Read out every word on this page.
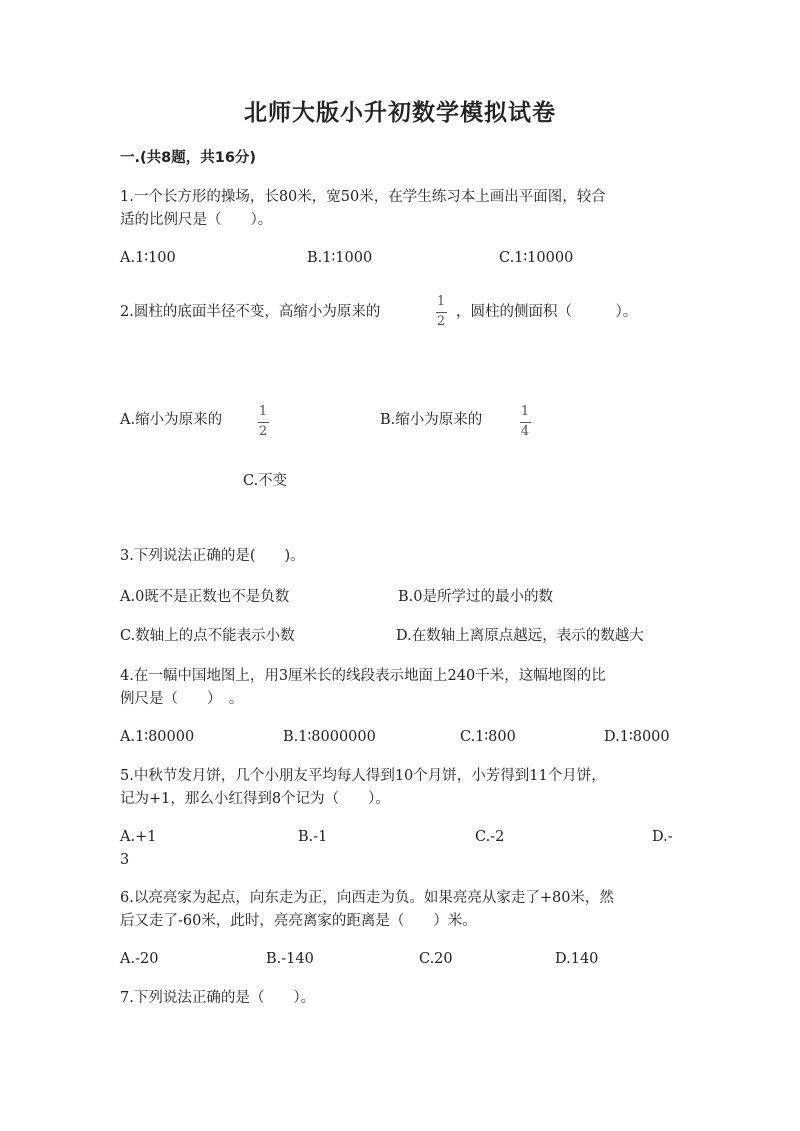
北师大版小升初数学模拟试卷
一.(共8题，共16分)
1.一个长方形的操场，长80米，宽50米，在学生练习本上画出平面图，较合
适的比例尺是（　　）。
A.1∶100	B.1∶1000	C.1∶10000
2.圆柱的底面半径不变，高缩小为原来的
1
2
，圆柱的侧面积（　　　）。
A.缩小为原来的
1
2
B.缩小为原来的
1
4
C.不变
3.下列说法正确的是(　　)。
A.0既不是正数也不是负数	B.0是所学过的最小的数
C.数轴上的点不能表示小数	D.在数轴上离原点越远，表示的数越大
4.在一幅中国地图上，用3厘米长的线段表示地面上240千米，这幅地图的比
例尺是（　　）　。
A.1∶80000	B.1∶8000000	C.1∶800	D.1∶8000
5.中秋节发月饼，几个小朋友平均每人得到10个月饼，小芳得到11个月饼，
记为+1，那么小红得到8个记为（　　）。
A.+1	B.-1	C.-2	D.-
3
6.以亮亮家为起点，向东走为正，向西走为负。如果亮亮从家走了+80米，然
后又走了-60米，此时，亮亮离家的距离是（　　）米。
A.-20	B.-140	C.20	D.140
7.下列说法正确的是（　　）。
